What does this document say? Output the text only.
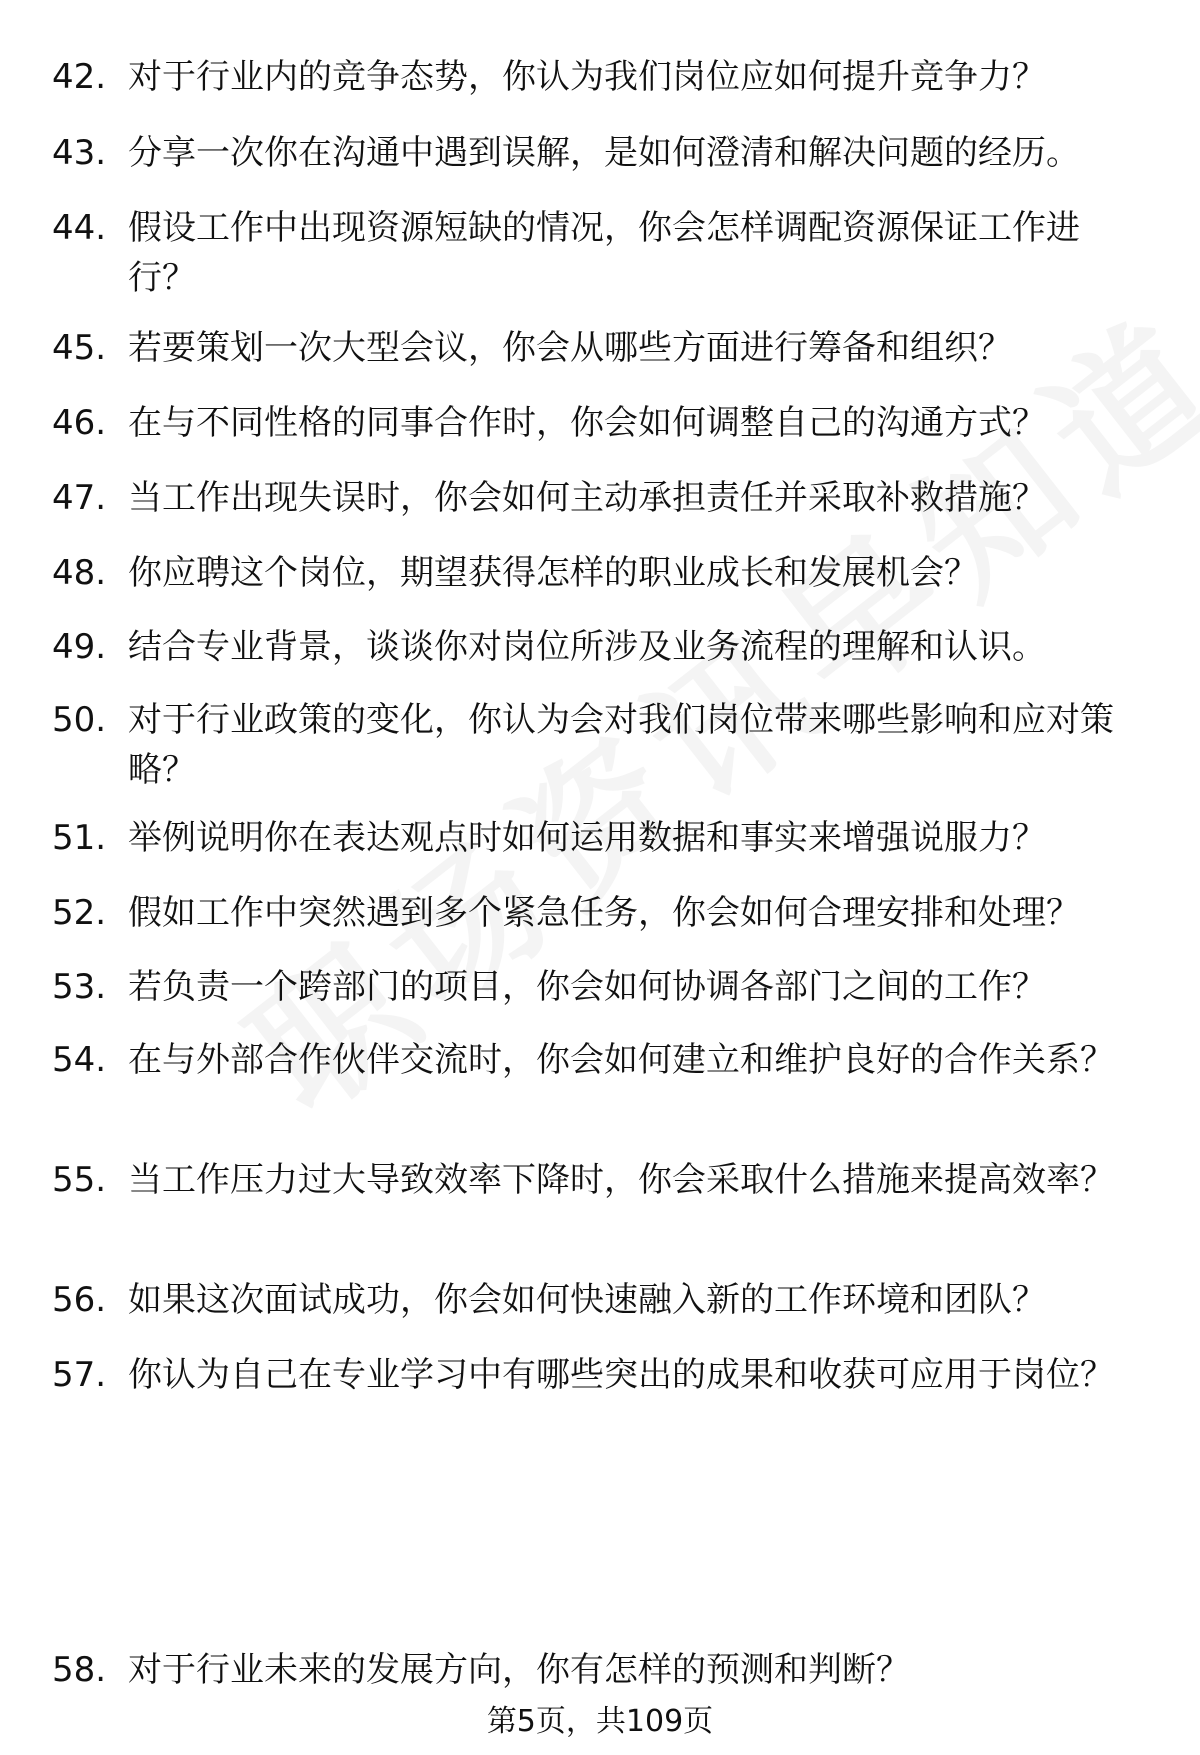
42. 对于行业内的竞争态势，你认为我们岗位应如何提升竞争力？
43. 分享一次你在沟通中遇到误解，是如何澄清和解决问题的经历。
44. 假设工作中出现资源短缺的情况，你会怎样调配资源保证工作进行？
45. 若要策划一次大型会议，你会从哪些方面进行筹备和组织？
46. 在与不同性格的同事合作时，你会如何调整自己的沟通方式？
47. 当工作出现失误时，你会如何主动承担责任并采取补救措施？
48. 你应聘这个岗位，期望获得怎样的职业成长和发展机会？
49. 结合专业背景，谈谈你对岗位所涉及业务流程的理解和认识。
50. 对于行业政策的变化，你认为会对我们岗位带来哪些影响和应对策略？
51. 举例说明你在表达观点时如何运用数据和事实来增强说服力？
52. 假如工作中突然遇到多个紧急任务，你会如何合理安排和处理？
53. 若负责一个跨部门的项目，你会如何协调各部门之间的工作？
54. 在与外部合作伙伴交流时，你会如何建立和维护良好的合作关系？
55. 当工作压力过大导致效率下降时，你会采取什么措施来提高效率？
56. 如果这次面试成功，你会如何快速融入新的工作环境和团队？
57. 你认为自己在专业学习中有哪些突出的成果和收获可应用于岗位？
58. 对于行业未来的发展方向，你有怎样的预测和判断？
第5页，共109页
